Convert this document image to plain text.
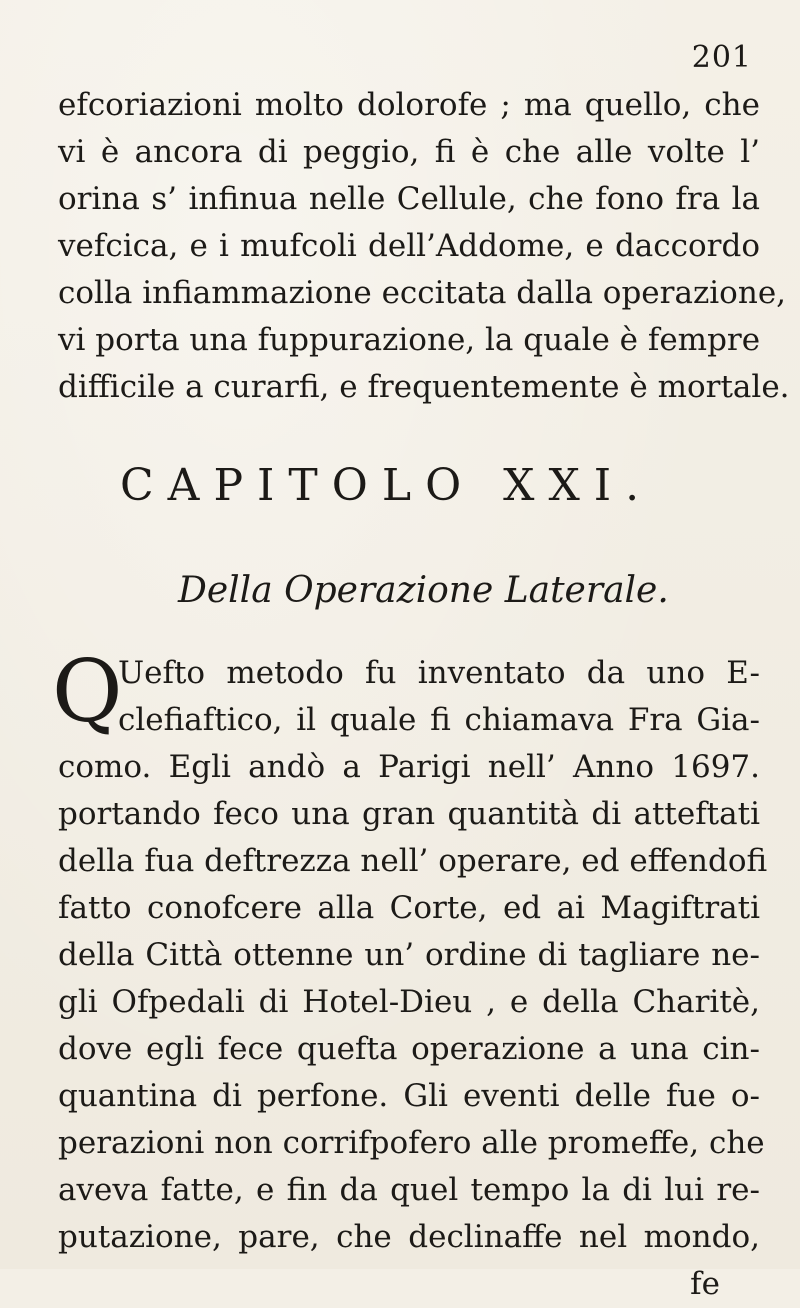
201
efcoriazioni molto dolorofe ; ma quello, che
vi è ancora di peggio, fi è che alle volte l’
orina s’ infinua nelle Cellule, che fono fra la
vefcica, e i mufcoli dell’Addome, e daccordo
colla infiammazione eccitata dalla operazione,
vi porta una fuppurazione, la quale è fempre
difficile a curarfi, e frequentemente è mortale.
CAPITOLO XXI.
Della Operazione Laterale.
Q
Uefto metodo fu inventato da uno E-
clefiaftico, il quale fi chiamava Fra Gia-
como. Egli andò a Parigi nell’ Anno 1697.
portando feco una gran quantità di atteftati
della fua deftrezza nell’ operare, ed effendofi
fatto conofcere alla Corte, ed ai Magiftrati
della Città ottenne un’ ordine di tagliare ne-
gli Ofpedali di Hotel-Dieu , e della Charitè,
dove egli fece quefta operazione a una cin-
quantina di perfone. Gli eventi delle fue o-
perazioni non corrifpofero alle promeffe, che
aveva fatte, e fin da quel tempo la di lui re-
putazione, pare, che declinaffe nel mondo,
fe
